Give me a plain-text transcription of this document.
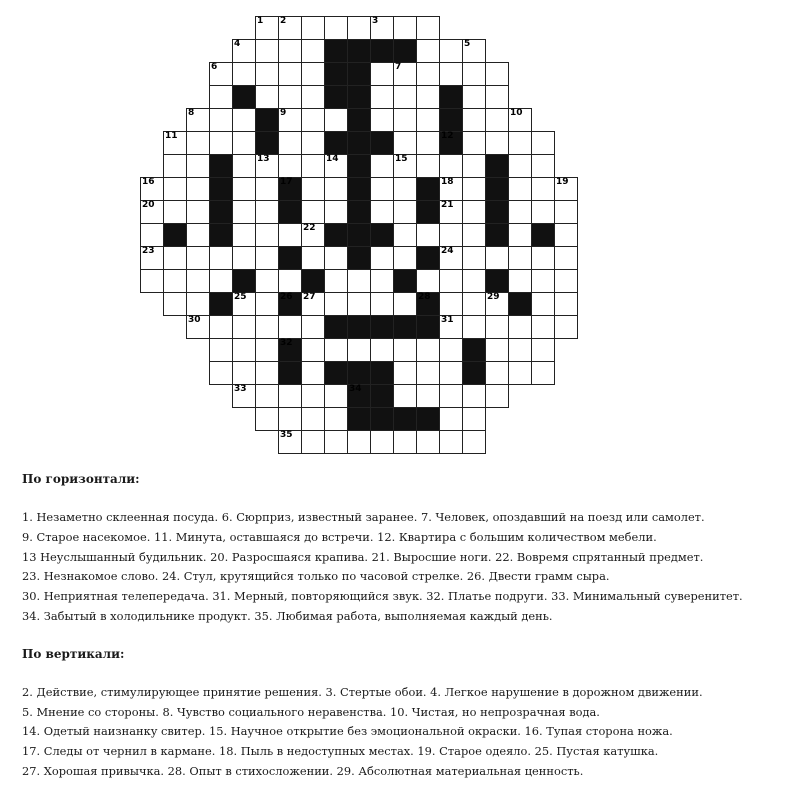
1 2	3
4	5
6	7
8	9	10
11	12
13	14	15
16	17	18	19
20	21
22
23	24
25	26 27	28	29
30	31
32
33	34
35

По горизонтали:

1. Незаметно склеенная посуда. 6. Сюрприз, известный заранее. 7. Человек, опоздавший на поезд или самолет.

9. Старое насекомое. 11. Минута, оставшаяся до встречи. 12. Квартира с большим количеством мебели.

13 Неуслышанный будильник. 20. Разросшаяся крапива. 21. Выросшие ноги. 22. Вовремя спрятанный предмет.

23. Незнакомое слово. 24. Стул, крутящийся только по часовой стрелке. 26. Двести грамм сыра.

30. Неприятная телепередача. 31. Мерный, повторяющийся звук. 32. Платье подруги. 33. Минимальный суверенитет.

34. Забытый в холодильнике продукт. 35. Любимая работа, выполняемая каждый день.

По вертикали:

2. Действие, стимулирующее принятие решения. 3. Стертые обои. 4. Легкое нарушение в дорожном движении.

5. Мнение со стороны. 8. Чувство социального неравенства. 10. Чистая, но непрозрачная вода.

14. Одетый наизнанку свитер. 15. Научное открытие без эмоциональной окраски. 16. Тупая сторона ножа.

17. Следы от чернил в кармане. 18. Пыль в недоступных местах. 19. Старое одеяло. 25. Пустая катушка.

27. Хорошая привычка. 28. Опыт в стихосложении. 29. Абсолютная материальная ценность.
